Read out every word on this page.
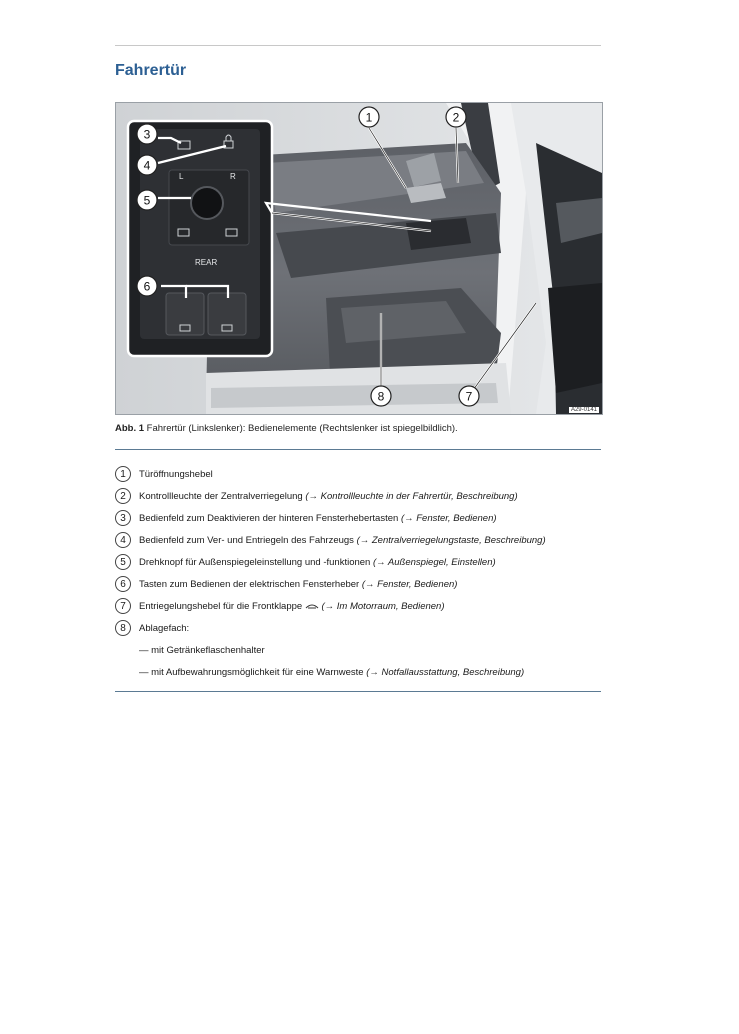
Fahrertür
L	R
REAR
1	2
3
4
5
6
7
8
A29-0141
Abb. 1 Fahrertür (Linkslenker): Bedienelemente (Rechtslenker ist spiegelbildlich).
1	Türöffnungshebel
2	Kontrollleuchte der Zentralverriegelung (→ Kontrollleuchte in der Fahrertür, Beschreibung)
3	Bedienfeld zum Deaktivieren der hinteren Fensterhebertasten (→ Fenster, Bedienen)
4	Bedienfeld zum Ver- und Entriegeln des Fahrzeugs (→ Zentralverriegelungstaste, Beschreibung)
5	Drehknopf für Außenspiegeleinstellung und -funktionen (→ Außenspiegel, Einstellen)
6	Tasten zum Bedienen der elektrischen Fensterheber (→ Fenster, Bedienen)
7	Entriegelungshebel für die Frontklappe (→ Im Motorraum, Bedienen)
8	Ablagefach:
— mit Getränkeflaschenhalter
— mit Aufbewahrungsmöglichkeit für eine Warnweste (→ Notfallausstattung, Beschreibung)
